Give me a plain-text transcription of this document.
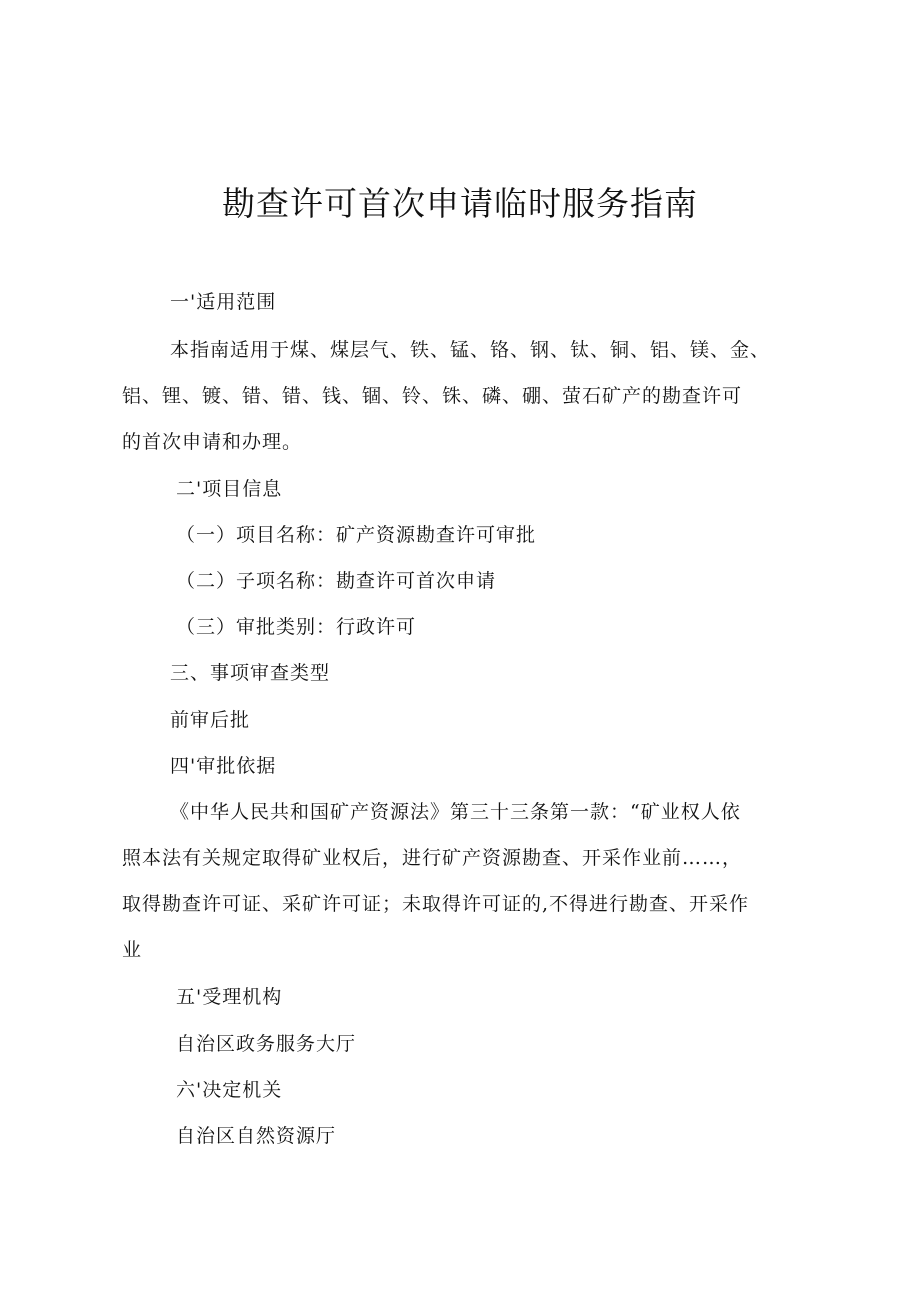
勘查许可首次申请临时服务指南
一'适用范围
本指南适用于煤、煤层气、铁、锰、铬、钢、钛、铜、铝、镁、金、
铝、锂、镀、错、错、钱、锢、铃、铢、磷、硼、萤石矿产的勘查许可
的首次申请和办理。
二'项目信息
（一）项目名称：矿产资源勘查许可审批
（二）子项名称：勘查许可首次申请
（三）审批类别：行政许可
三、事项审查类型
前审后批
四'审批依据
《中华人民共和国矿产资源法》第三十三条第一款：“矿业权人依
照本法有关规定取得矿业权后，进行矿产资源勘查、开采作业前……，
取得勘查许可证、采矿许可证；未取得许可证的,不得进行勘查、开采作
业
五'受理机构
自治区政务服务大厅
六'决定机关
自治区自然资源厅
